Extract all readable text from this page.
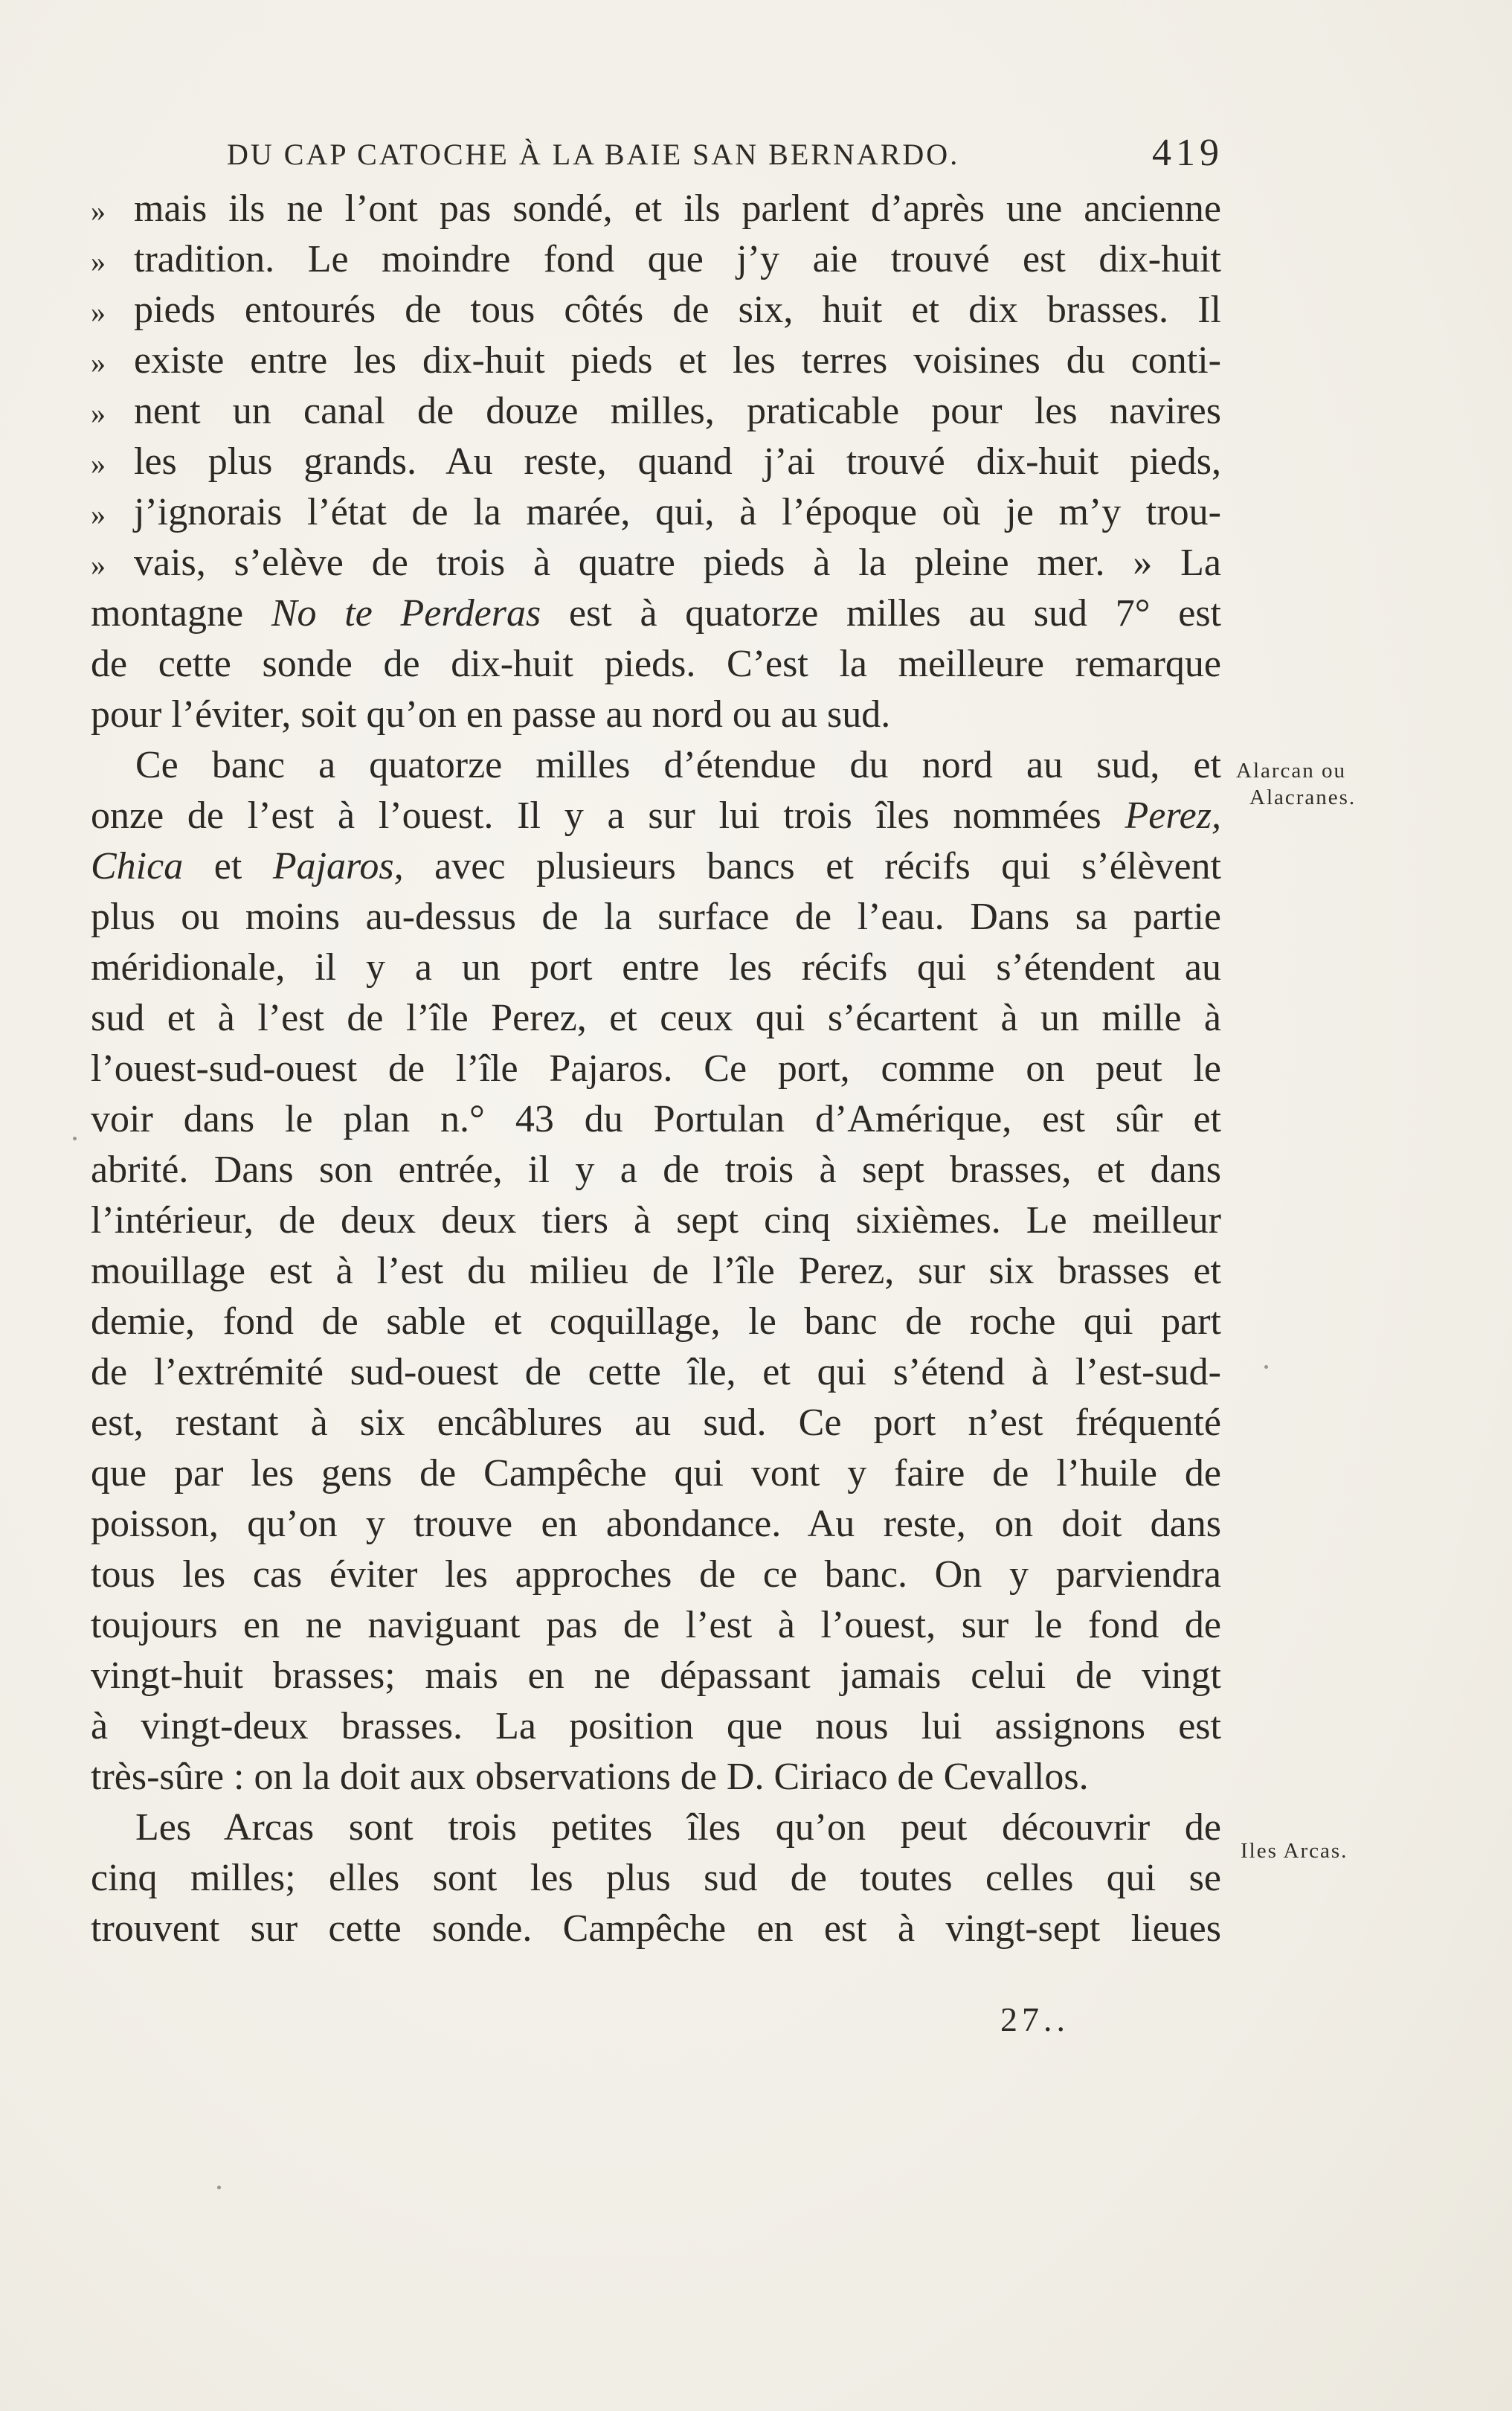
DU CAP CATOCHE À LA BAIE SAN BERNARDO.	419
» mais ils ne l’ont pas sondé, et ils parlent d’après une ancienne
» tradition. Le moindre fond que j’y aie trouvé est dix-huit
» pieds entourés de tous côtés de six, huit et dix brasses. Il
» existe entre les dix-huit pieds et les terres voisines du conti-
» nent un canal de douze milles, praticable pour les navires
» les plus grands. Au reste, quand j’ai trouvé dix-huit pieds,
» j’ignorais l’état de la marée, qui, à l’époque où je m’y trou-
» vais, s’elève de trois à quatre pieds à la pleine mer. » La
montagne No te Perderas est à quatorze milles au sud 7° est
de cette sonde de dix-huit pieds. C’est la meilleure remarque
pour l’éviter, soit qu’on en passe au nord ou au sud.
Ce banc a quatorze milles d’étendue du nord au sud, et
onze de l’est à l’ouest. Il y a sur lui trois îles nommées Perez,
Chica et Pajaros, avec plusieurs bancs et récifs qui s’élèvent
plus ou moins au-dessus de la surface de l’eau. Dans sa partie
méridionale, il y a un port entre les récifs qui s’étendent au
sud et à l’est de l’île Perez, et ceux qui s’écartent à un mille à
l’ouest-sud-ouest de l’île Pajaros. Ce port, comme on peut le
voir dans le plan n.° 43 du Portulan d’Amérique, est sûr et
abrité. Dans son entrée, il y a de trois à sept brasses, et dans
l’intérieur, de deux deux tiers à sept cinq sixièmes. Le meilleur
mouillage est à l’est du milieu de l’île Perez, sur six brasses et
demie, fond de sable et coquillage, le banc de roche qui part
de l’extrémité sud-ouest de cette île, et qui s’étend à l’est-sud-
est, restant à six encâblures au sud. Ce port n’est fréquenté
que par les gens de Campêche qui vont y faire de l’huile de
poisson, qu’on y trouve en abondance. Au reste, on doit dans
tous les cas éviter les approches de ce banc. On y parviendra
toujours en ne naviguant pas de l’est à l’ouest, sur le fond de
vingt-huit brasses; mais en ne dépassant jamais celui de vingt
à vingt-deux brasses. La position que nous lui assignons est
très-sûre : on la doit aux observations de D. Ciriaco de Cevallos.
Les Arcas sont trois petites îles qu’on peut découvrir de
cinq milles; elles sont les plus sud de toutes celles qui se
trouvent sur cette sonde. Campêche en est à vingt-sept lieues
Alarcan ou
Alacranes.
Iles Arcas.
27..
